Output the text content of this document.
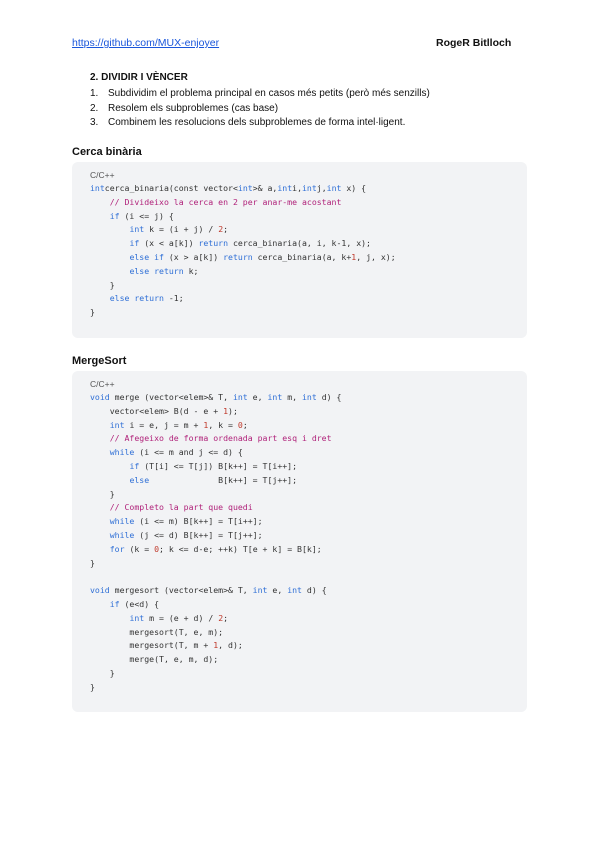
https://github.com/MUX-enjoyer	RogeR Bitlloch
2. DIVIDIR I VÈNCER
1. Subdividim el problema principal en casos més petits (però més senzills)
2. Resolem els subproblemes (cas base)
3. Combinem les resolucions dels subproblemes de forma intel·ligent.
Cerca binària
C/C++
intcerca_binaria(const vector<int>& a,inti,intj,int x) {
// Divideixo la cerca en 2 per anar-me acostant
if (i <= j) {
int k = (i + j) / 2;
if (x < a[k]) return cerca_binaria(a, i, k-1, x);
else if (x > a[k]) return cerca_binaria(a, k+1, j, x);
else return k;
}
else return -1;
}
MergeSort
C/C++
void merge (vector<elem>& T, int e, int m, int d) {
vector<elem> B(d - e + 1);
int i = e, j = m + 1, k = 0;
// Afegeixo de forma ordenada part esq i dret
while (i <= m and j <= d) {
if (T[i] <= T[j]) B[k++] = T[i++];
else              B[k++] = T[j++];
}
// Completo la part que quedi
while (i <= m) B[k++] = T[i++];
while (j <= d) B[k++] = T[j++];
for (k = 0; k <= d-e; ++k) T[e + k] = B[k];
}
void mergesort (vector<elem>& T, int e, int d) {
if (e<d) {
int m = (e + d) / 2;
mergesort(T, e, m);
mergesort(T, m + 1, d);
merge(T, e, m, d);
}
}
